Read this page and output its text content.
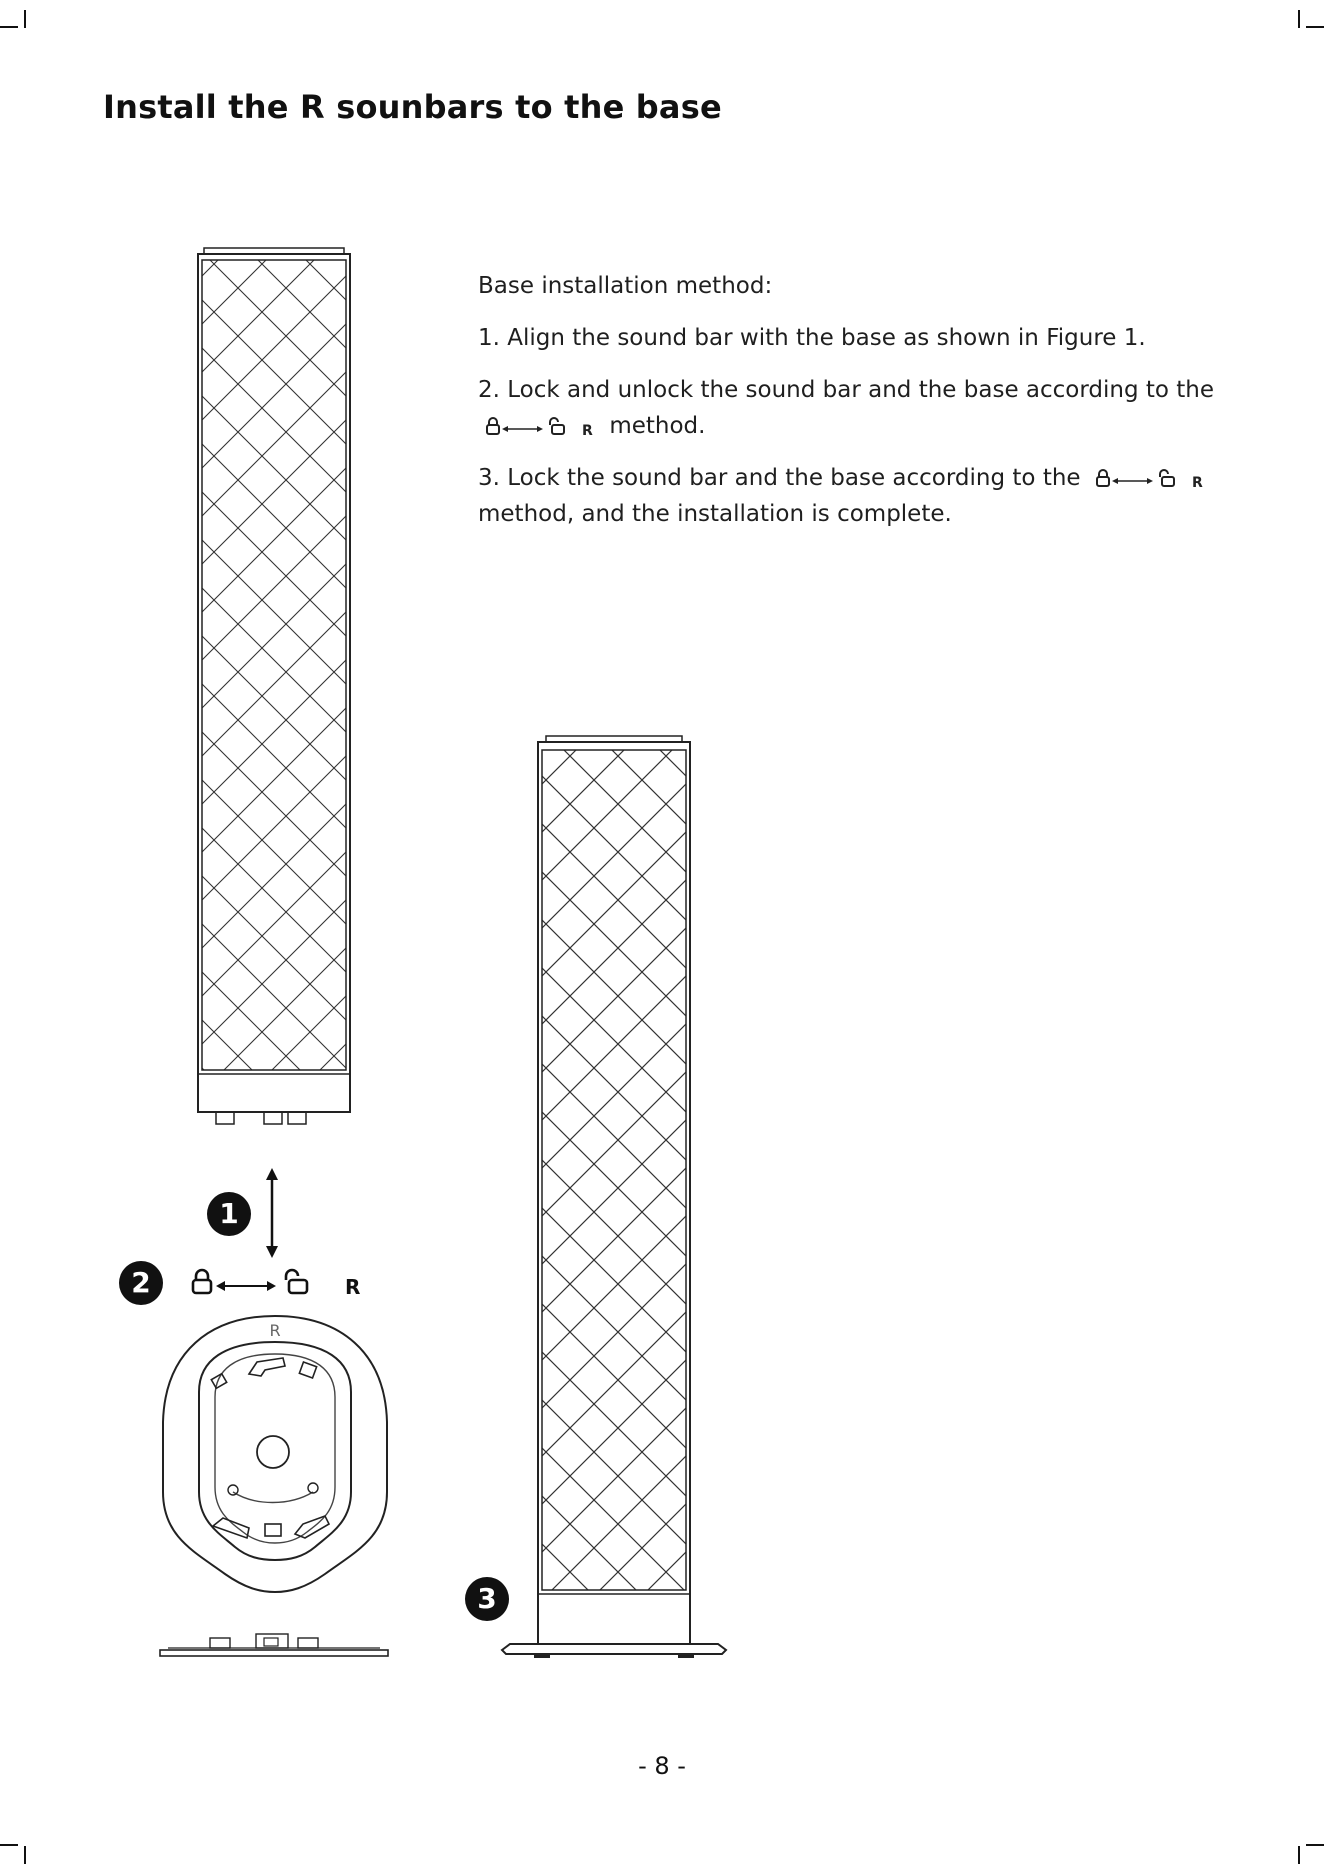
Install the R sounbars to the base

Base installation method:

1. Align the sound bar with the base as shown in Figure 1.

2. Lock and unlock the sound bar and the base according to the
R method.

3. Lock the sound bar and the base according to the	R

method, and the installation is complete.

1
2	R
R
3
- 8 -
